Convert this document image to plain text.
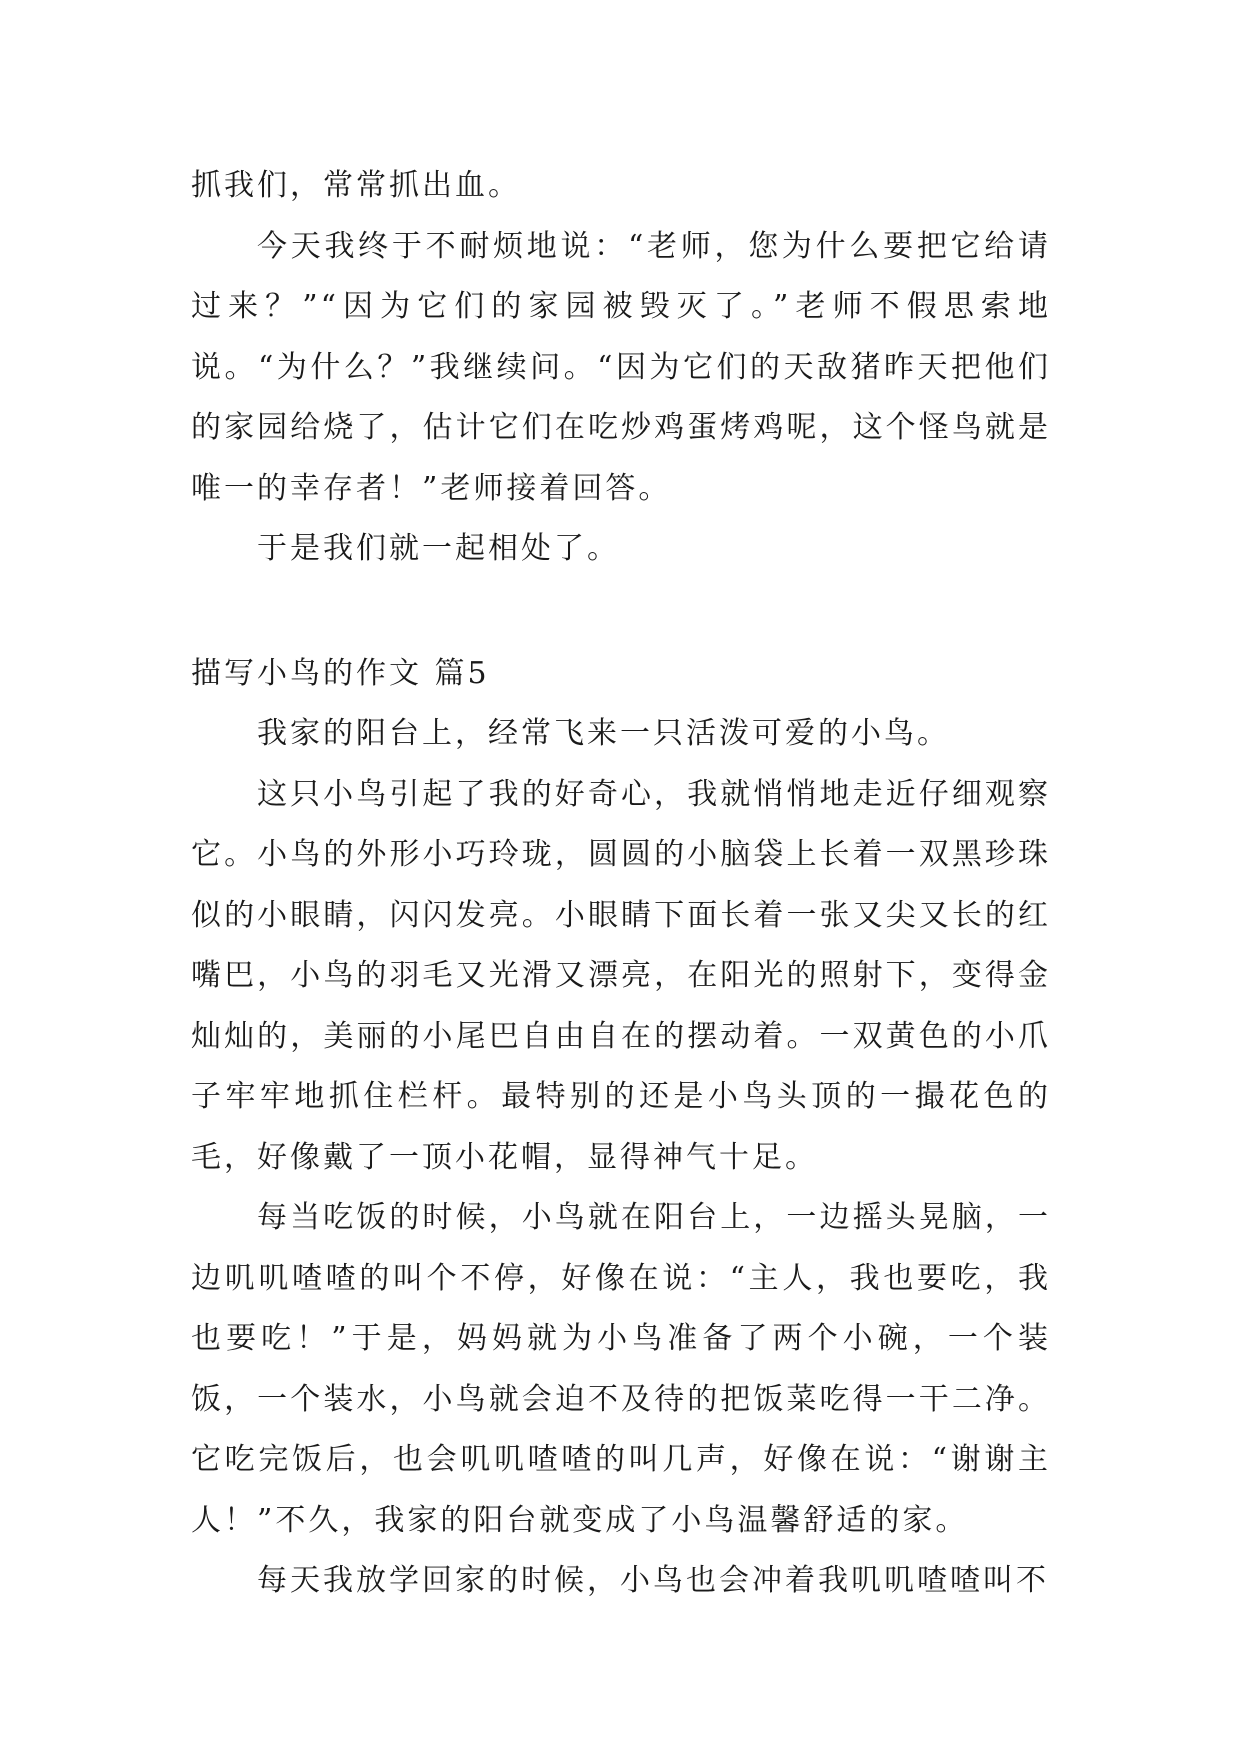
抓我们，常常抓出血。

今天我终于不耐烦地说：“老师，您为什么要把它给请过来？”“因为它们的家园被毁灭了。”老师不假思索地说。“为什么？”我继续问。“因为它们的天敌猪昨天把他们的家园给烧了，估计它们在吃炒鸡蛋烤鸡呢，这个怪鸟就是唯一的幸存者！”老师接着回答。

于是我们就一起相处了。

描写小鸟的作文 篇5

我家的阳台上，经常飞来一只活泼可爱的小鸟。

这只小鸟引起了我的好奇心，我就悄悄地走近仔细观察它。小鸟的外形小巧玲珑，圆圆的小脑袋上长着一双黑珍珠似的小眼睛，闪闪发亮。小眼睛下面长着一张又尖又长的红嘴巴，小鸟的羽毛又光滑又漂亮，在阳光的照射下，变得金灿灿的，美丽的小尾巴自由自在的摆动着。一双黄色的小爪子牢牢地抓住栏杆。最特别的还是小鸟头顶的一撮花色的毛，好像戴了一顶小花帽，显得神气十足。

每当吃饭的时候，小鸟就在阳台上，一边摇头晃脑，一边叽叽喳喳的叫个不停，好像在说：“主人，我也要吃，我也要吃！”于是，妈妈就为小鸟准备了两个小碗，一个装饭，一个装水，小鸟就会迫不及待的把饭菜吃得一干二净。它吃完饭后，也会叽叽喳喳的叫几声，好像在说：“谢谢主人！”不久，我家的阳台就变成了小鸟温馨舒适的家。

每天我放学回家的时候，小鸟也会冲着我叽叽喳喳叫不
